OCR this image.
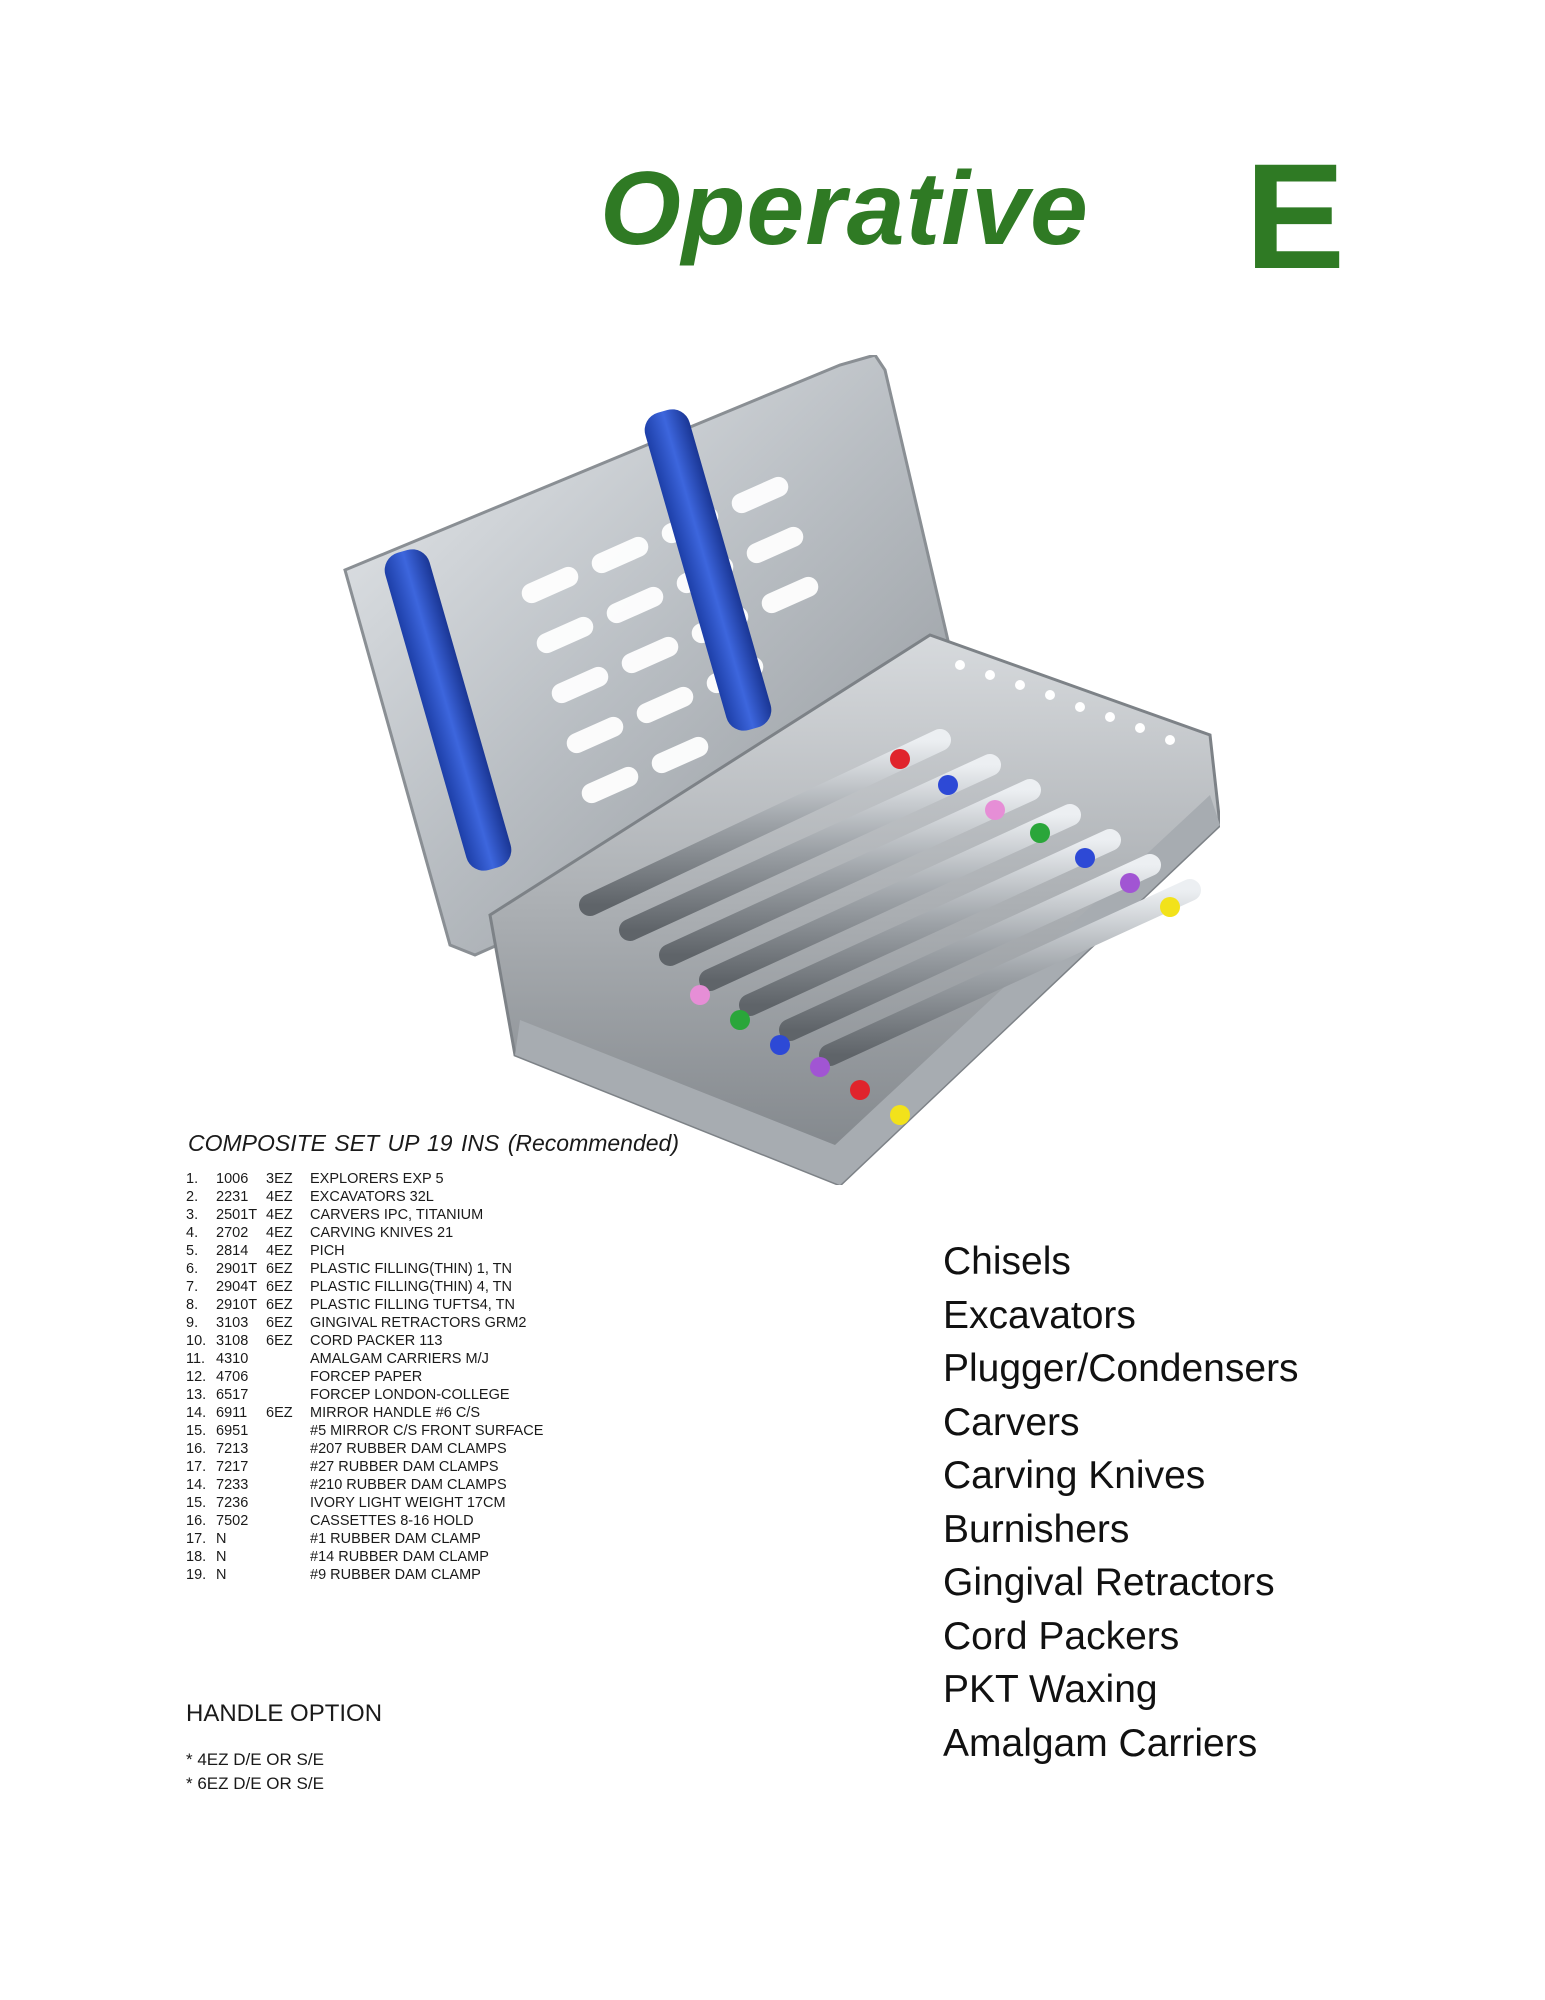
Operative E
COMPOSITE SET UP 19 INS (Recommended)
1. 1006 3EZ EXPLORERS EXP 5
2. 2231 4EZ EXCAVATORS 32L
3. 2501T 4EZ CARVERS IPC, TITANIUM
4. 2702 4EZ CARVING KNIVES 21
5. 2814 4EZ PICH
6. 2901T 6EZ PLASTIC FILLING(THIN) 1, TN
7. 2904T 6EZ PLASTIC FILLING(THIN) 4, TN
8. 2910T 6EZ PLASTIC FILLING TUFTS4, TN
9. 3103 6EZ GINGIVAL RETRACTORS GRM2
10. 3108 6EZ CORD PACKER 113
11. 4310	AMALGAM CARRIERS M/J
12. 4706	FORCEP PAPER
13. 6517	FORCEP LONDON-COLLEGE
14. 6911 6EZ MIRROR HANDLE #6 C/S
15. 6951	#5 MIRROR C/S FRONT SURFACE
16. 7213	#207 RUBBER DAM CLAMPS
17. 7217	#27 RUBBER DAM CLAMPS
14. 7233	#210 RUBBER DAM CLAMPS
15. 7236	IVORY LIGHT WEIGHT 17CM
16. 7502	CASSETTES 8-16 HOLD
17. N	#1 RUBBER DAM CLAMP
18. N	#14 RUBBER DAM CLAMP
19. N	#9 RUBBER DAM CLAMP
HANDLE OPTION
* 4EZ D/E OR S/E
* 6EZ D/E OR S/E
Chisels
Excavators
Plugger/Condensers
Carvers
Carving Knives
Burnishers
Gingival Retractors
Cord Packers
PKT Waxing
Amalgam Carriers
